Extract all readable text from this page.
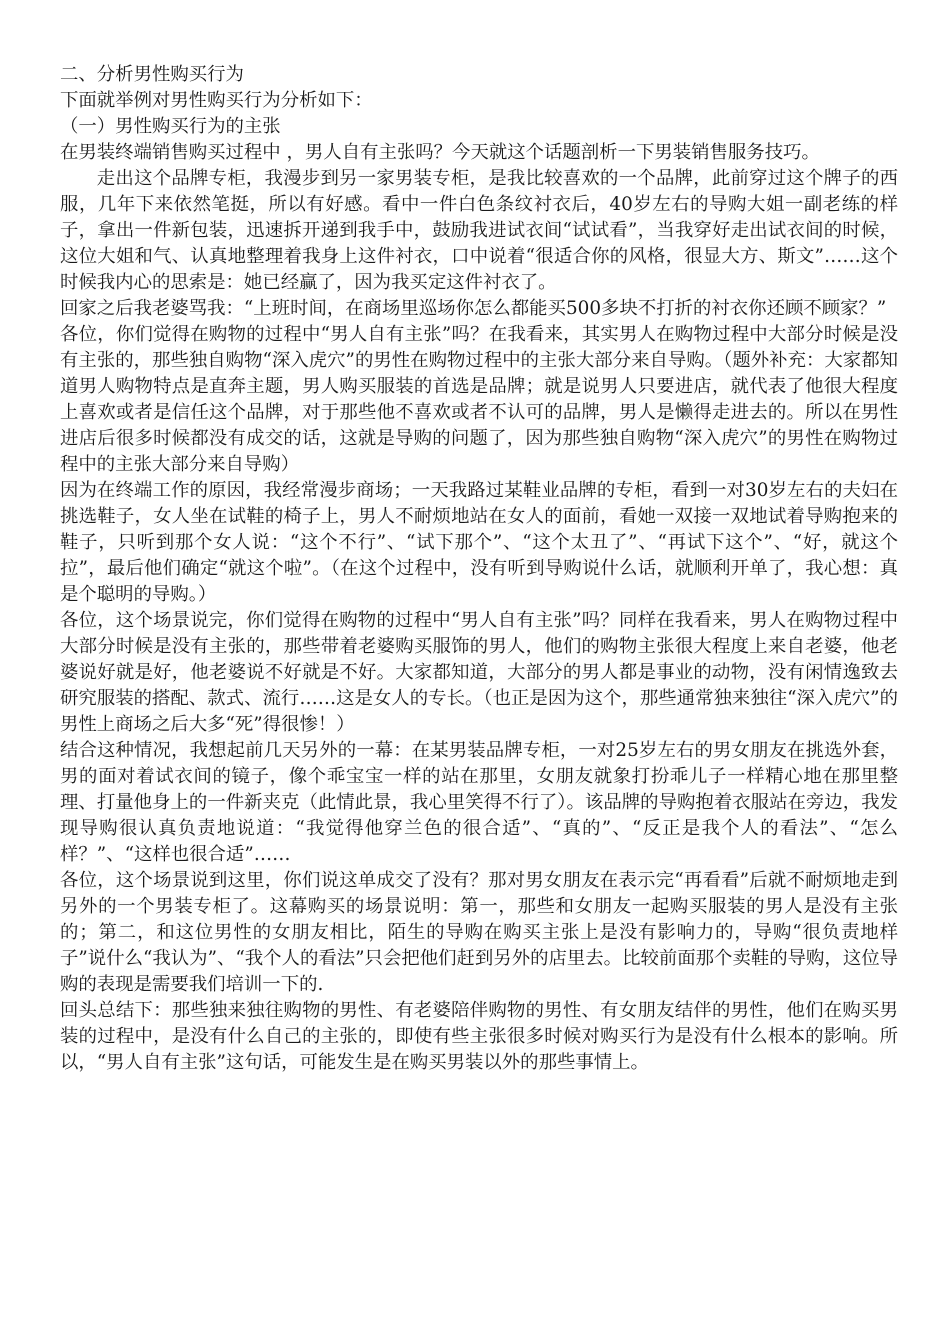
二、分析男性购买行为

下面就举例对男性购买行为分析如下：

（一）男性购买行为的主张

在男装终端销售购买过程中 ，男人自有主张吗？今天就这个话题剖析一下男装销售服务技巧。

走出这个品牌专柜，我漫步到另一家男装专柜，是我比较喜欢的一个品牌，此前穿过这个牌子的西服，几年下来依然笔挺，所以有好感。看中一件白色条纹衬衣后，40岁左右的导购大姐一副老练的样子，拿出一件新包装，迅速拆开递到我手中，鼓励我进试衣间“试试看”，当我穿好走出试衣间的时候，这位大姐和气、认真地整理着我身上这件衬衣，口中说着“很适合你的风格，很显大方、斯文”……这个时候我内心的思索是：她已经赢了，因为我买定这件衬衣了。

回家之后我老婆骂我：“上班时间，在商场里巡场你怎么都能买500多块不打折的衬衣你还顾不顾家？”

各位，你们觉得在购物的过程中“男人自有主张”吗？在我看来，其实男人在购物过程中大部分时候是没有主张的，那些独自购物“深入虎穴”的男性在购物过程中的主张大部分来自导购。（题外补充：大家都知道男人购物特点是直奔主题，男人购买服装的首选是品牌；就是说男人只要进店，就代表了他很大程度上喜欢或者是信任这个品牌，对于那些他不喜欢或者不认可的品牌，男人是懒得走进去的。所以在男性进店后很多时候都没有成交的话，这就是导购的问题了，因为那些独自购物“深入虎穴”的男性在购物过程中的主张大部分来自导购）

因为在终端工作的原因，我经常漫步商场；一天我路过某鞋业品牌的专柜，看到一对30岁左右的夫妇在挑选鞋子，女人坐在试鞋的椅子上，男人不耐烦地站在女人的面前，看她一双接一双地试着导购抱来的鞋子，只听到那个女人说：“这个不行”、“试下那个”、“这个太丑了”、“再试下这个”、“好，就这个拉”，最后他们确定“就这个啦”。（在这个过程中，没有听到导购说什么话，就顺利开单了，我心想：真是个聪明的导购。）

各位，这个场景说完，你们觉得在购物的过程中“男人自有主张”吗？同样在我看来，男人在购物过程中大部分时候是没有主张的，那些带着老婆购买服饰的男人，他们的购物主张很大程度上来自老婆，他老婆说好就是好，他老婆说不好就是不好。大家都知道，大部分的男人都是事业的动物，没有闲情逸致去研究服装的搭配、款式、流行……这是女人的专长。（也正是因为这个，那些通常独来独往“深入虎穴”的男性上商场之后大多“死”得很惨！）

结合这种情况，我想起前几天另外的一幕：在某男装品牌专柜，一对25岁左右的男女朋友在挑选外套，男的面对着试衣间的镜子，像个乖宝宝一样的站在那里，女朋友就象打扮乖儿子一样精心地在那里整理、打量他身上的一件新夹克（此情此景，我心里笑得不行了）。该品牌的导购抱着衣服站在旁边，我发现导购很认真负责地说道：“我觉得他穿兰色的很合适”、“真的”、“反正是我个人的看法”、“怎么样？”、“这样也很合适”……

各位，这个场景说到这里，你们说这单成交了没有？那对男女朋友在表示完“再看看”后就不耐烦地走到另外的一个男装专柜了。这幕购买的场景说明：第一，那些和女朋友一起购买服装的男人是没有主张的；第二，和这位男性的女朋友相比，陌生的导购在购买主张上是没有影响力的，导购“很负责地样子”说什么“我认为”、“我个人的看法”只会把他们赶到另外的店里去。比较前面那个卖鞋的导购，这位导购的表现是需要我们培训一下的.

回头总结下：那些独来独往购物的男性、有老婆陪伴购物的男性、有女朋友结伴的男性，他们在购买男装的过程中，是没有什么自己的主张的，即使有些主张很多时候对购买行为是没有什么根本的影响。所以，“男人自有主张”这句话，可能发生是在购买男装以外的那些事情上。
